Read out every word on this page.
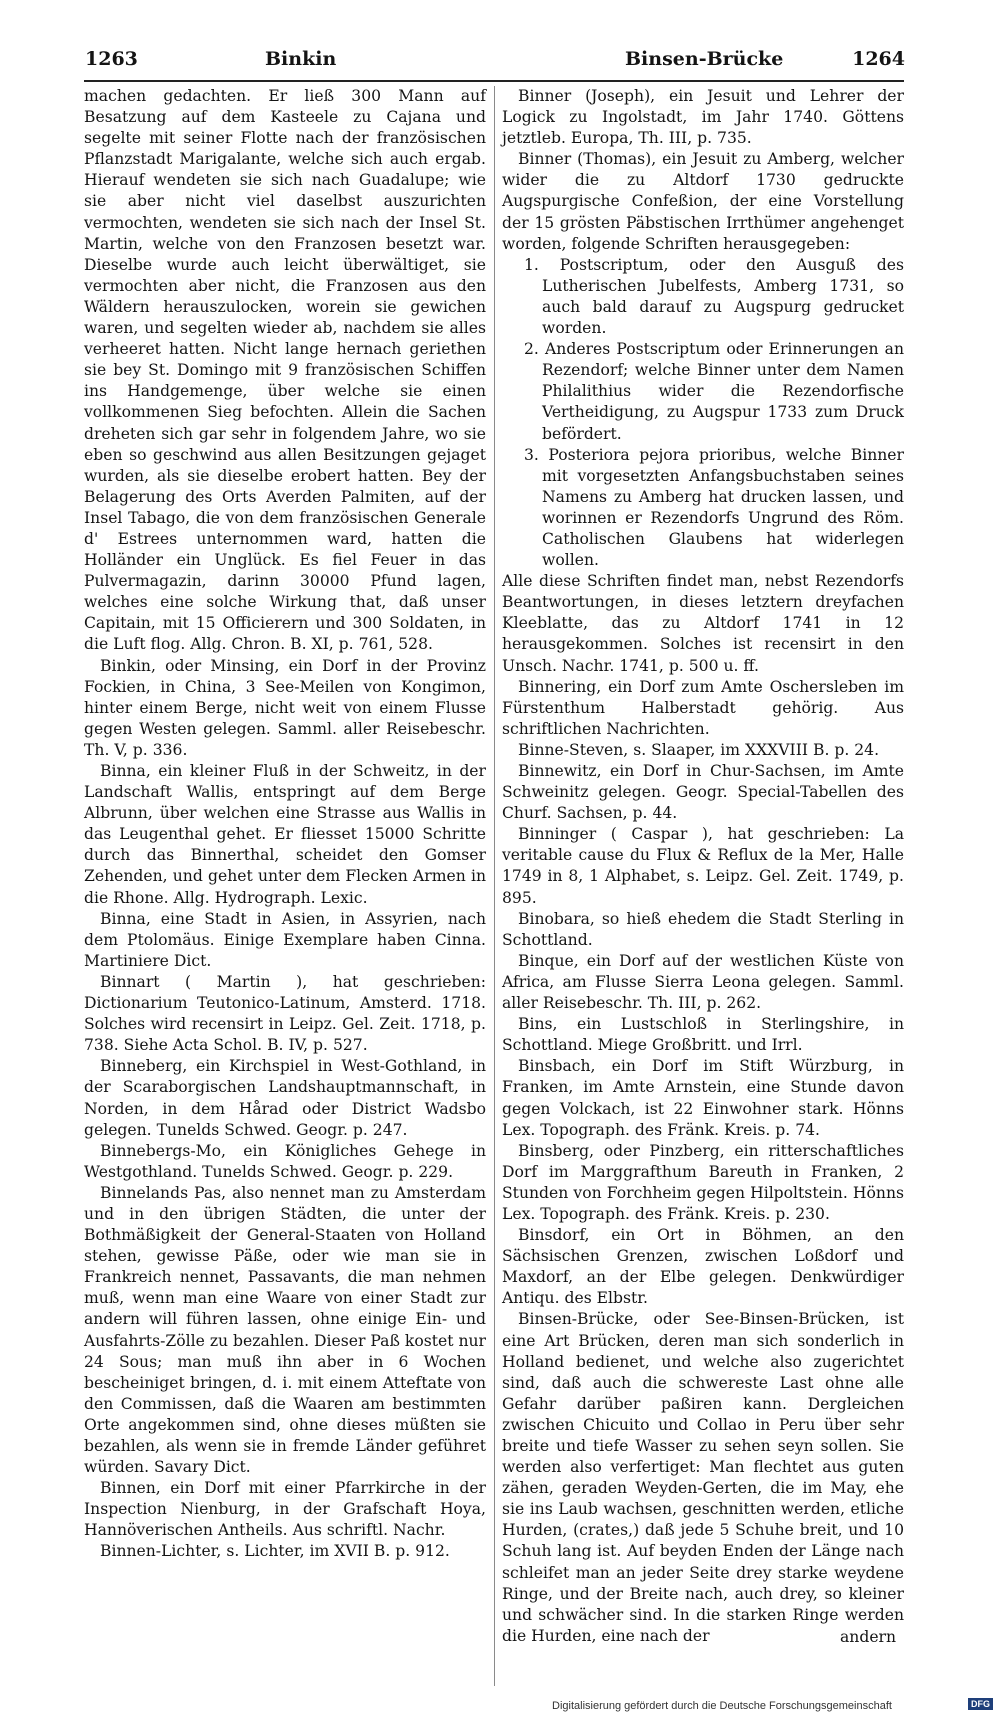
1263	Binkin	Binsen-Brücke	1264

machen gedachten. Er ließ 300 Mann auf Besatzung auf dem Kasteele zu Cajana und segelte mit seiner Flotte nach der französischen Pflanzstadt Marigalante, welche sich auch ergab. Hierauf wendeten sie sich nach Guadalupe; wie sie aber nicht viel daselbst auszurichten vermochten, wendeten sie sich nach der Insel St. Martin, welche von den Franzosen besetzt war. Dieselbe wurde auch leicht überwältiget, sie vermochten aber nicht, die Franzosen aus den Wäldern herauszulocken, worein sie gewichen waren, und segelten wieder ab, nachdem sie alles verheeret hatten. Nicht lange hernach geriethen sie bey St. Domingo mit 9 französischen Schiffen ins Handgemenge, über welche sie einen vollkommenen Sieg befochten. Allein die Sachen dreheten sich gar sehr in folgendem Jahre, wo sie eben so geschwind aus allen Besitzungen gejaget wurden, als sie dieselbe erobert hatten. Bey der Belagerung des Orts Averden Palmiten, auf der Insel Tabago, die von dem französischen Generale d' Estrees unternommen ward, hatten die Holländer ein Unglück. Es fiel Feuer in das Pulvermagazin, darinn 30000 Pfund lagen, welches eine solche Wirkung that, daß unser Capitain, mit 15 Officierern und 300 Soldaten, in die Luft flog. Allg. Chron. B. XI, p. 761, 528.

Binkin, oder Minsing, ein Dorf in der Provinz Fockien, in China, 3 See-Meilen von Kongimon, hinter einem Berge, nicht weit von einem Flusse gegen Westen gelegen. Samml. aller Reisebeschr. Th. V, p. 336.

Binna, ein kleiner Fluß in der Schweitz, in der Landschaft Wallis, entspringt auf dem Berge Albrunn, über welchen eine Strasse aus Wallis in das Leugenthal gehet. Er fliesset 15000 Schritte durch das Binnerthal, scheidet den Gomser Zehenden, und gehet unter dem Flecken Armen in die Rhone. Allg. Hydrograph. Lexic.

Binna, eine Stadt in Asien, in Assyrien, nach dem Ptolomäus. Einige Exemplare haben Cinna. Martiniere Dict.

Binnart ( Martin ), hat geschrieben: Dictionarium Teutonico-Latinum, Amsterd. 1718. Solches wird recensirt in Leipz. Gel. Zeit. 1718, p. 738. Siehe Acta Schol. B. IV, p. 527.

Binneberg, ein Kirchspiel in West-Gothland, in der Scaraborgischen Landshauptmannschaft, in Norden, in dem Hårad oder District Wadsbo gelegen. Tunelds Schwed. Geogr. p. 247.

Binnebergs-Mo, ein Königliches Gehege in Westgothland. Tunelds Schwed. Geogr. p. 229.

Binnelands Pas, also nennet man zu Amsterdam und in den übrigen Städten, die unter der Bothmäßigkeit der General-Staaten von Holland stehen, gewisse Päße, oder wie man sie in Frankreich nennet, Passavants, die man nehmen muß, wenn man eine Waare von einer Stadt zur andern will führen lassen, ohne einige Ein- und Ausfahrts-Zölle zu bezahlen. Dieser Paß kostet nur 24 Sous; man muß ihn aber in 6 Wochen bescheiniget bringen, d. i. mit einem Atteftate von den Commissen, daß die Waaren am bestimmten Orte angekommen sind, ohne dieses müßten sie bezahlen, als wenn sie in fremde Länder geführet würden. Savary Dict.

Binnen, ein Dorf mit einer Pfarrkirche in der Inspection Nienburg, in der Grafschaft Hoya, Hannöverischen Antheils. Aus schriftl. Nachr.

Binnen-Lichter, s. Lichter, im XVII B. p. 912.

Binner (Joseph), ein Jesuit und Lehrer der Logick zu Ingolstadt, im Jahr 1740. Göttens jetztleb. Europa, Th. III, p. 735.

Binner (Thomas), ein Jesuit zu Amberg, welcher wider die zu Altdorf 1730 gedruckte Augspurgische Confeßion, der eine Vorstellung der 15 grösten Päbstischen Irrthümer angehenget worden, folgende Schriften herausgegeben:

1. Postscriptum, oder den Ausguß des Lutherischen Jubelfests, Amberg 1731, so auch bald darauf zu Augspurg gedrucket worden.

2. Anderes Postscriptum oder Erinnerungen an Rezendorf; welche Binner unter dem Namen Philalithius wider die Rezendorfische Vertheidigung, zu Augspur 1733 zum Druck befördert.

3. Posteriora pejora prioribus, welche Binner mit vorgesetzten Anfangsbuchstaben seines Namens zu Amberg hat drucken lassen, und worinnen er Rezendorfs Ungrund des Röm. Catholischen Glaubens hat widerlegen wollen.

Alle diese Schriften findet man, nebst Rezendorfs Beantwortungen, in dieses letztern dreyfachen Kleeblatte, das zu Altdorf 1741 in 12 herausgekommen. Solches ist recensirt in den Unsch. Nachr. 1741, p. 500 u. ff.

Binnering, ein Dorf zum Amte Oschersleben im Fürstenthum Halberstadt gehörig. Aus schriftlichen Nachrichten.

Binne-Steven, s. Slaaper, im XXXVIII B. p. 24.

Binnewitz, ein Dorf in Chur-Sachsen, im Amte Schweinitz gelegen. Geogr. Special-Tabellen des Churf. Sachsen, p. 44.

Binninger ( Caspar ), hat geschrieben: La veritable cause du Flux & Reflux de la Mer, Halle 1749 in 8, 1 Alphabet, s. Leipz. Gel. Zeit. 1749, p. 895.

Binobara, so hieß ehedem die Stadt Sterling in Schottland.

Binque, ein Dorf auf der westlichen Küste von Africa, am Flusse Sierra Leona gelegen. Samml. aller Reisebeschr. Th. III, p. 262.

Bins, ein Lustschloß in Sterlingshire, in Schottland. Miege Großbritt. und Irrl.

Binsbach, ein Dorf im Stift Würzburg, in Franken, im Amte Arnstein, eine Stunde davon gegen Volckach, ist 22 Einwohner stark. Hönns Lex. Topograph. des Fränk. Kreis. p. 74.

Binsberg, oder Pinzberg, ein ritterschaftliches Dorf im Marggrafthum Bareuth in Franken, 2 Stunden von Forchheim gegen Hilpoltstein. Hönns Lex. Topograph. des Fränk. Kreis. p. 230.

Binsdorf, ein Ort in Böhmen, an den Sächsischen Grenzen, zwischen Loßdorf und Maxdorf, an der Elbe gelegen. Denkwürdiger Antiqu. des Elbstr.

Binsen-Brücke, oder See-Binsen-Brücken, ist eine Art Brücken, deren man sich sonderlich in Holland bedienet, und welche also zugerichtet sind, daß auch die schwereste Last ohne alle Gefahr darüber paßiren kann. Dergleichen zwischen Chicuito und Collao in Peru über sehr breite und tiefe Wasser zu sehen seyn sollen. Sie werden also verfertiget: Man flechtet aus guten zähen, geraden Weyden-Gerten, die im May, ehe sie ins Laub wachsen, geschnitten werden, etliche Hurden, (crates,) daß jede 5 Schuhe breit, und 10 Schuh lang ist. Auf beyden Enden der Länge nach schleifet man an jeder Seite drey starke weydene Ringe, und der Breite nach, auch drey, so kleiner und schwächer sind. In die starken Ringe werden die Hurden, eine nach der	andern
Digitalisierung gefördert durch die Deutsche Forschungsgemeinschaft	DFG
